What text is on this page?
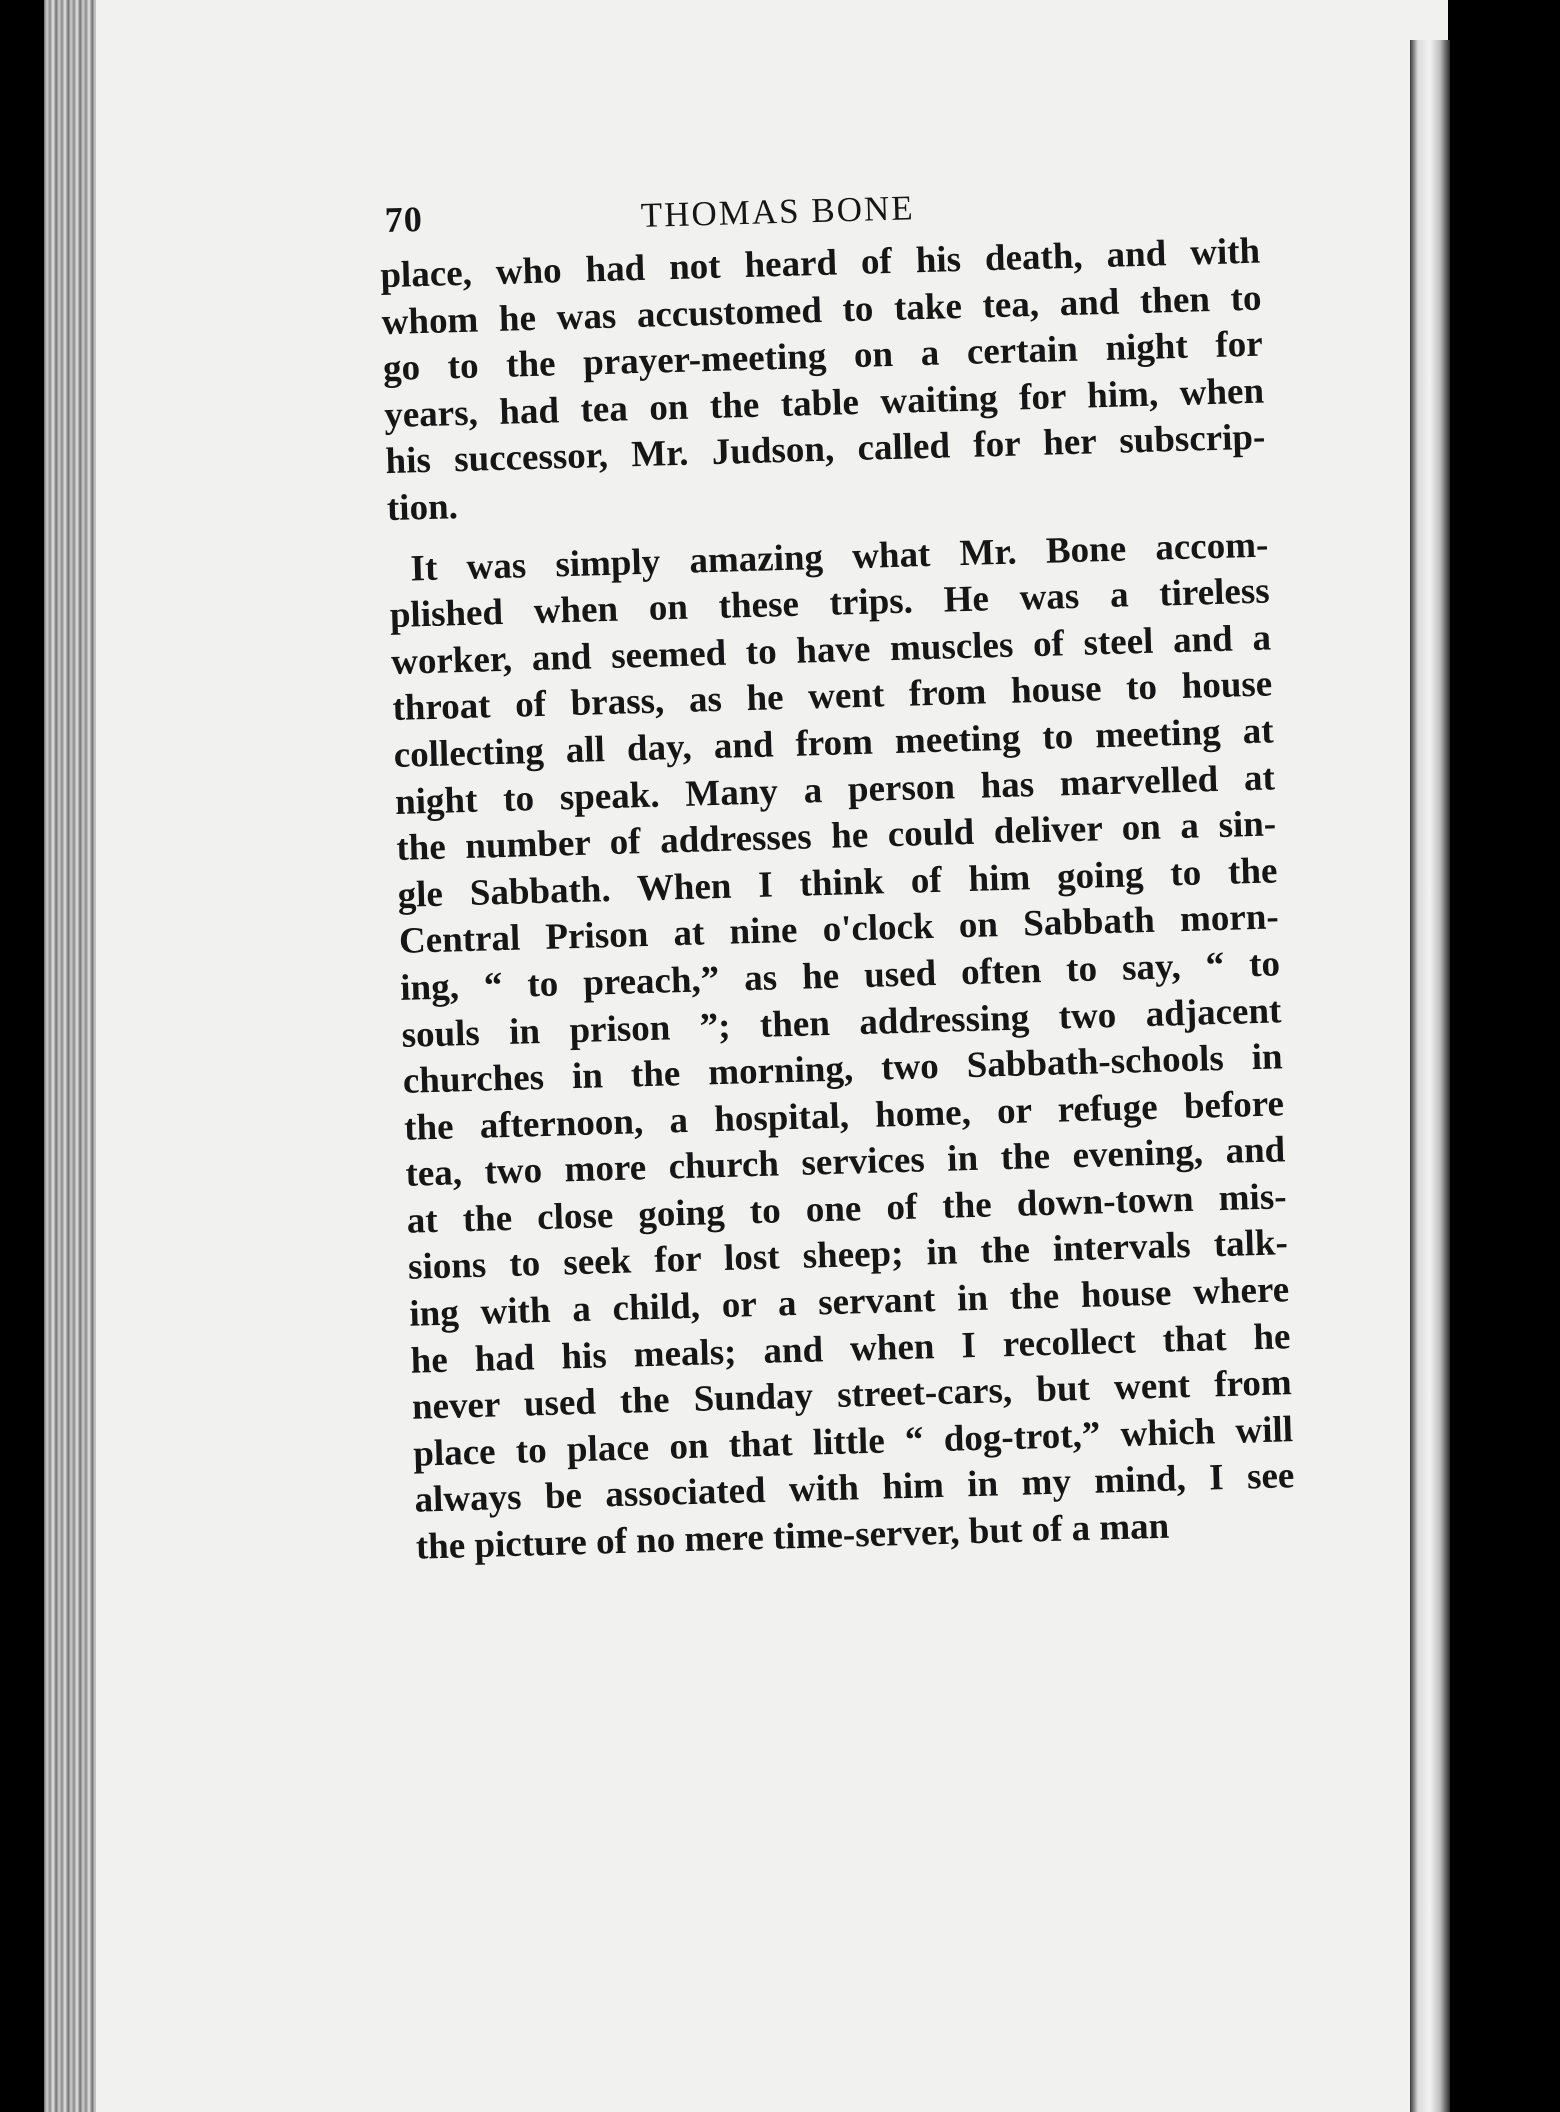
70	THOMAS BONE
place, who had not heard of his death, and with
whom he was accustomed to take tea, and then to
go to the prayer-meeting on a certain night for
years, had tea on the table waiting for him, when
his successor, Mr. Judson, called for her subscrip-
tion.
It was simply amazing what Mr. Bone accom-
plished when on these trips. He was a tireless
worker, and seemed to have muscles of steel and a
throat of brass, as he went from house to house
collecting all day, and from meeting to meeting at
night to speak. Many a person has marvelled at
the number of addresses he could deliver on a sin-
gle Sabbath. When I think of him going to the
Central Prison at nine o'clock on Sabbath morn-
ing, “ to preach,” as he used often to say, “ to
souls in prison ”; then addressing two adjacent
churches in the morning, two Sabbath-schools in
the afternoon, a hospital, home, or refuge before
tea, two more church services in the evening, and
at the close going to one of the down-town mis-
sions to seek for lost sheep; in the intervals talk-
ing with a child, or a servant in the house where
he had his meals; and when I recollect that he
never used the Sunday street-cars, but went from
place to place on that little “ dog-trot,” which will
always be associated with him in my mind, I see
the picture of no mere time-server, but of a man
